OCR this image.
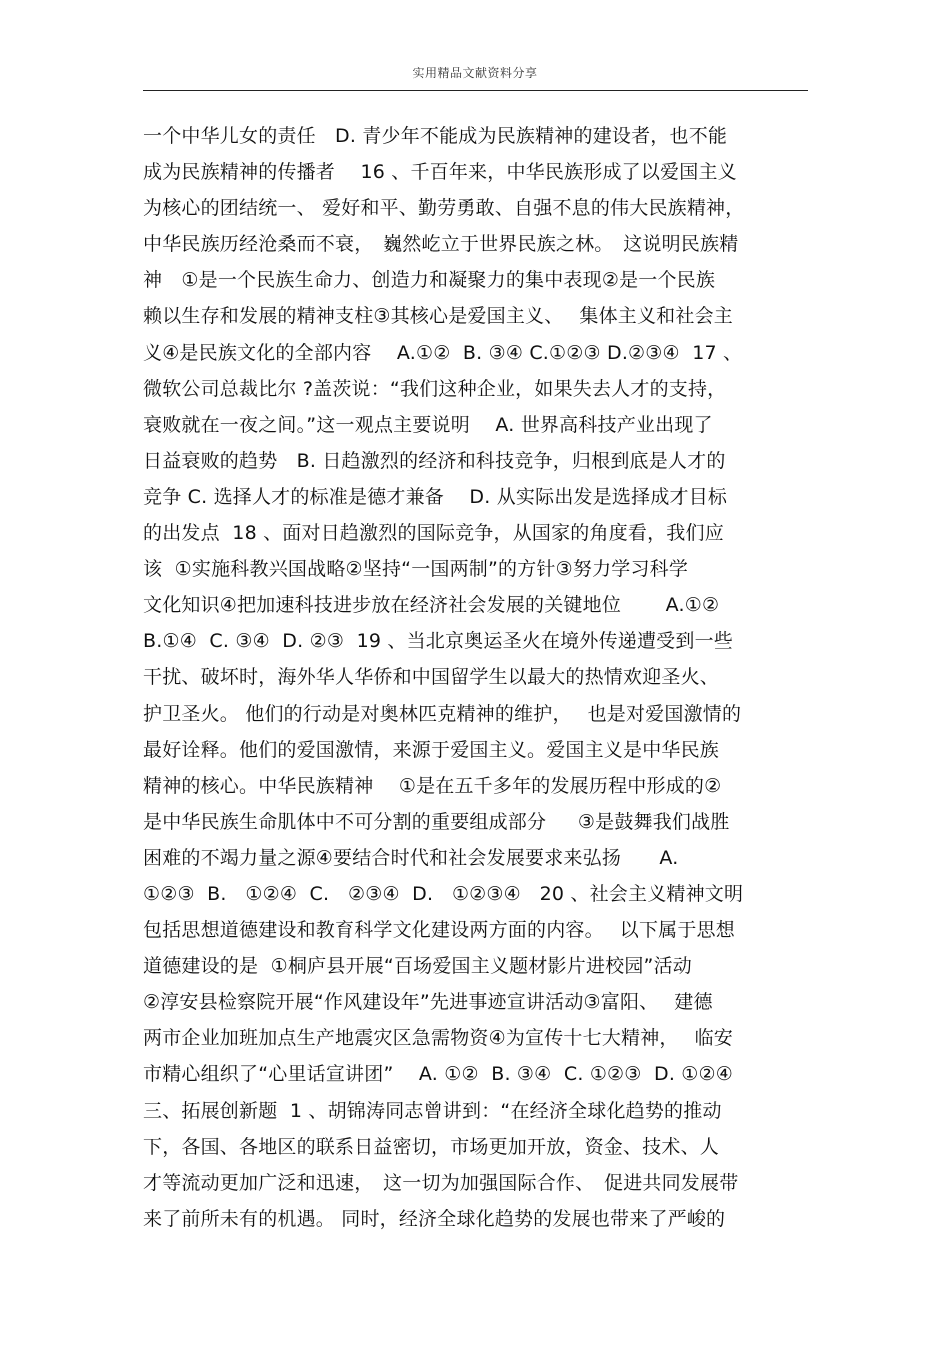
实用精品文献资料分享
一个中华儿女的责任　D. 青少年不能成为民族精神的建设者，也不能
成为民族精神的传播者　 16 、千百年来，中华民族形成了以爱国主义
为核心的团结统一、 爱好和平、勤劳勇敢、自强不息的伟大民族精神，
中华民族历经沧桑而不衰，　巍然屹立于世界民族之林。　这说明民族精
神　①是一个民族生命力、创造力和凝聚力的集中表现②是一个民族
赖以生存和发展的精神支柱③其核心是爱国主义、　 集体主义和社会主
义④是民族文化的全部内容　 A.①②  B. ③④ C.①②③ D.②③④  17 、
微软公司总裁比尔 ?盖茨说：“我们这种企业，如果失去人才的支持，
衰败就在一夜之间。”这一观点主要说明　 A. 世界高科技产业出现了
日益衰败的趋势　B. 日趋激烈的经济和科技竞争，归根到底是人才的
竞争 C. 选择人才的标准是德才兼备　 D. 从实际出发是选择成才目标
的出发点  18 、面对日趋激烈的国际竞争，从国家的角度看，我们应
该  ①实施科教兴国战略②坚持“一国两制”的方针③努力学习科学
文化知识④把加速科技进步放在经济社会发展的关键地位　　 A.①②
B.①④  C. ③④  D. ②③  19 、当北京奥运圣火在境外传递遭受到一些
干扰、破坏时，海外华人华侨和中国留学生以最大的热情欢迎圣火、
护卫圣火。 他们的行动是对奥林匹克精神的维护，　 也是对爱国激情的
最好诠释。他们的爱国激情，来源于爱国主义。爱国主义是中华民族
精神的核心。中华民族精神　 ①是在五千多年的发展历程中形成的②
是中华民族生命肌体中不可分割的重要组成部分　  ③是鼓舞我们战胜
困难的不竭力量之源④要结合时代和社会发展要求来弘扬　　A.
①②③  B.   ①②④  C.   ②③④  D.   ①②③④   20 、社会主义精神文明
包括思想道德建设和教育科学文化建设两方面的内容。　 以下属于思想
道德建设的是  ①桐庐县开展“百场爱国主义题材影片进校园”活动
②淳安县检察院开展“作风建设年”先进事迹宣讲活动③富阳、　 建德
两市企业加班加点生产地震灾区急需物资④为宣传十七大精神，　 临安
市精心组织了“心里话宣讲团”　 A. ①②  B. ③④  C. ①②③  D. ①②④
三、拓展创新题  1 、胡锦涛同志曾讲到：“在经济全球化趋势的推动
下，各国、各地区的联系日益密切，市场更加开放，资金、技术、人
才等流动更加广泛和迅速，　这一切为加强国际合作、　促进共同发展带
来了前所未有的机遇。 同时，经济全球化趋势的发展也带来了严峻的
